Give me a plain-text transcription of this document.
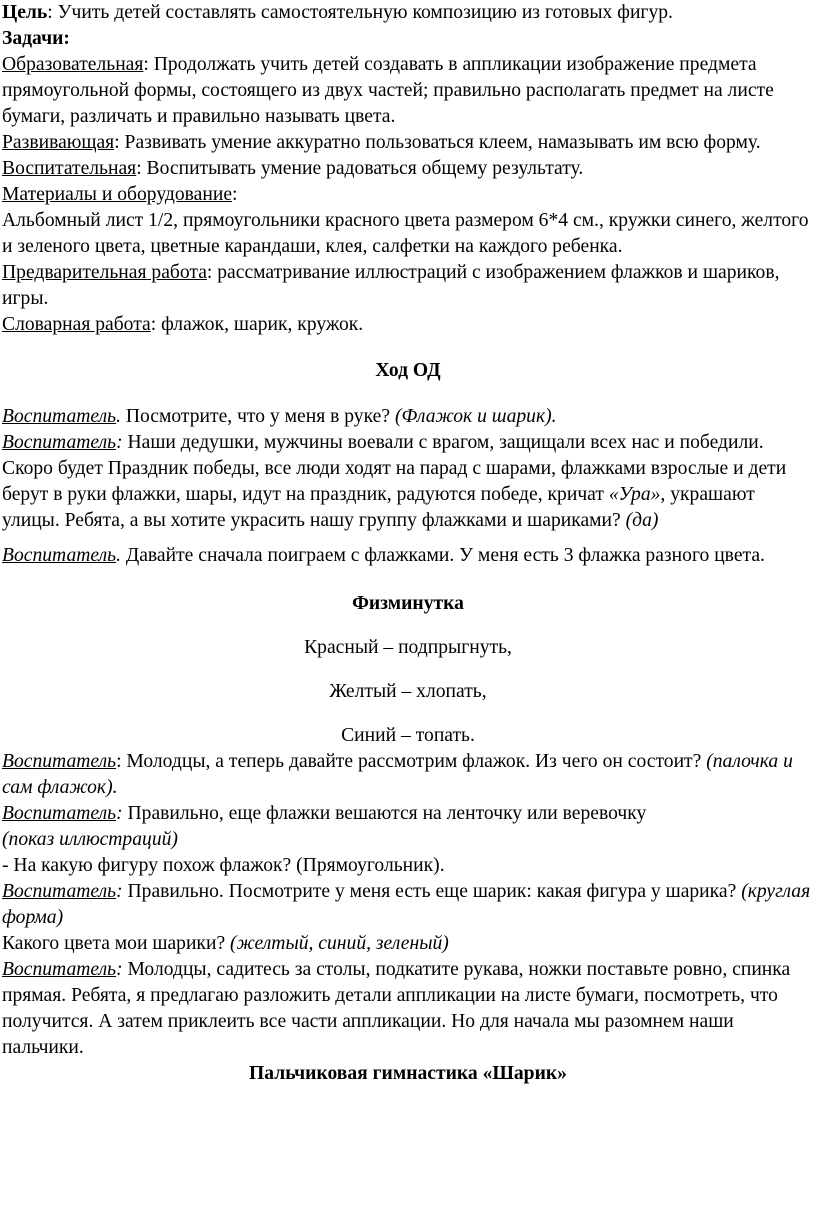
Цель: Учить детей составлять самостоятельную композицию из готовых фигур.

Задачи:

Образовательная: Продолжать учить детей создавать в аппликации изображение предмета прямоугольной формы, состоящего из двух частей; правильно располагать предмет на листе бумаги, различать и правильно называть цвета.

Развивающая: Развивать умение аккуратно пользоваться клеем, намазывать им всю форму.

Воспитательная: Воспитывать умение радоваться общему результату.

Материалы и оборудование:

Альбомный лист 1/2, прямоугольники красного цвета размером 6*4 см., кружки синего, желтого и зеленого цвета, цветные карандаши, клея, салфетки на каждого ребенка.

Предварительная работа: рассматривание иллюстраций с изображением флажков и шариков, игры.

Словарная работа: флажок, шарик, кружок.

Ход ОД

Воспитатель. Посмотрите, что у меня в руке? (Флажок и шарик).

Воспитатель: Наши дедушки, мужчины воевали с врагом, защищали всех нас и победили. Скоро будет Праздник победы, все люди ходят на парад с шарами, флажками взрослые и дети берут в руки флажки, шары, идут на праздник, радуются победе, кричат «Ура», украшают улицы. Ребята, а вы хотите украсить нашу группу флажками и шариками? (да)

Воспитатель. Давайте сначала поиграем с флажками. У меня есть 3 флажка разного цвета.

Физминутка

Красный – подпрыгнуть,

Желтый – хлопать,

Синий – топать.

Воспитатель: Молодцы, а теперь давайте рассмотрим флажок. Из чего он состоит? (палочка и сам флажок).

Воспитатель: Правильно, еще флажки вешаются на ленточку или веревочку (показ иллюстраций)

- На какую фигуру похож флажок? (Прямоугольник).

Воспитатель: Правильно. Посмотрите у меня есть еще шарик: какая фигура у шарика? (круглая форма)

Какого цвета мои шарики? (желтый, синий, зеленый)

Воспитатель: Молодцы, садитесь за столы, подкатите рукава, ножки поставьте ровно, спинка прямая. Ребята, я предлагаю разложить детали аппликации на листе бумаги, посмотреть, что получится. А затем приклеить все части аппликации. Но для начала мы разомнем наши пальчики.

Пальчиковая гимнастика «Шарик»
